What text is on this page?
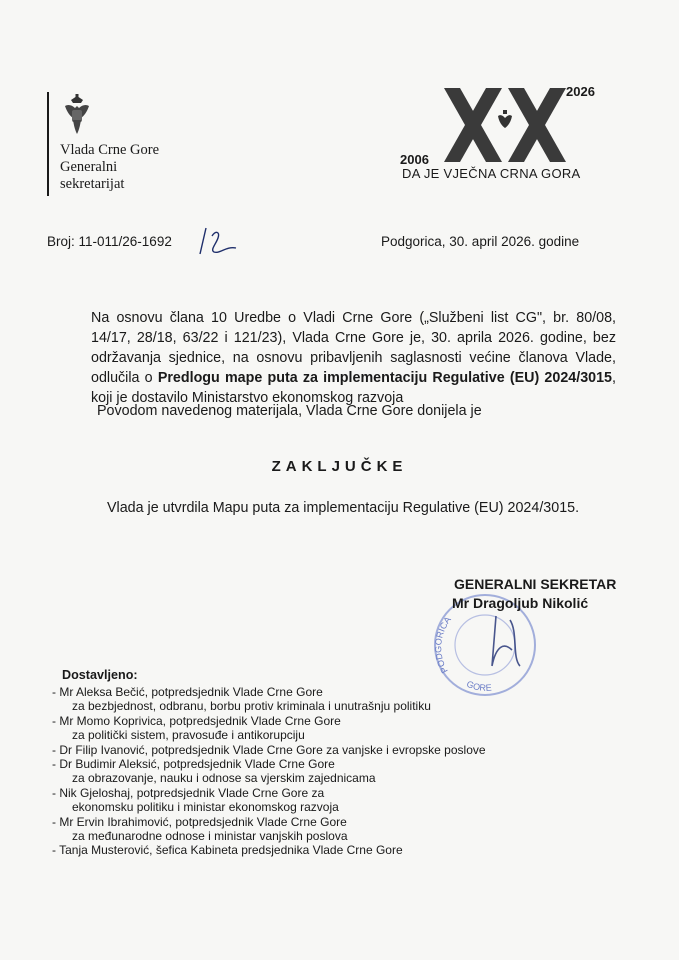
Vlada Crne Gore
Generalni
sekretarijat
2026
2006
DA JE VJEČNA CRNA GORA
Broj: 11-011/26-1692	Podgorica, 30. april 2026. godine
Na osnovu člana 10 Uredbe o Vladi Crne Gore („Službeni list CG", br. 80/08, 14/17, 28/18, 63/22 i 121/23), Vlada Crne Gore je, 30. aprila 2026. godine, bez održavanja sjednice, na osnovu pribavljenih saglasnosti većine članova Vlade, odlučila o Predlogu mape puta za implementaciju Regulative (EU) 2024/3015, koji je dostavilo Ministarstvo ekonomskog razvoja
Povodom navedenog materijala, Vlada Crne Gore donijela je
ZAKLJUČKE
Vlada je utvrdila Mapu puta za implementaciju Regulative (EU) 2024/3015.
PODGORICA
GORE
GENERALNI SEKRETAR
Mr Dragoljub Nikolić
Dostavljeno:
- Mr Aleksa Bečić, potpredsjednik Vlade Crne Gore
za bezbjednost, odbranu, borbu protiv kriminala i unutrašnju politiku
- Mr Momo Koprivica, potpredsjednik Vlade Crne Gore
za politički sistem, pravosuđe i antikorupciju
- Dr Filip Ivanović, potpredsjednik Vlade Crne Gore za vanjske i evropske poslove
- Dr Budimir Aleksić, potpredsjednik Vlade Crne Gore
za obrazovanje, nauku i odnose sa vjerskim zajednicama
- Nik Gjeloshaj, potpredsjednik Vlade Crne Gore za
ekonomsku politiku i ministar ekonomskog razvoja
- Mr Ervin Ibrahimović, potpredsjednik Vlade Crne Gore
za međunarodne odnose i ministar vanjskih poslova
- Tanja Musterović, šefica Kabineta predsjednika Vlade Crne Gore
